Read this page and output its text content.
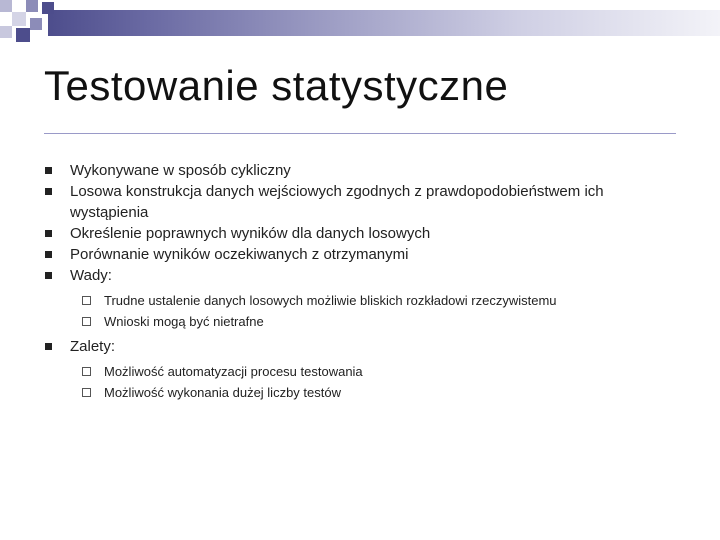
Testowanie statystyczne
Wykonywane w sposób cykliczny
Losowa konstrukcja danych wejściowych zgodnych z prawdopodobieństwem ich wystąpienia
Określenie poprawnych wyników dla danych losowych
Porównanie wyników oczekiwanych z otrzymanymi
Wady:
Trudne ustalenie danych losowych możliwie bliskich rozkładowi rzeczywistemu
Wnioski mogą być nietrafne
Zalety:
Możliwość automatyzacji procesu testowania
Możliwość wykonania dużej liczby testów
